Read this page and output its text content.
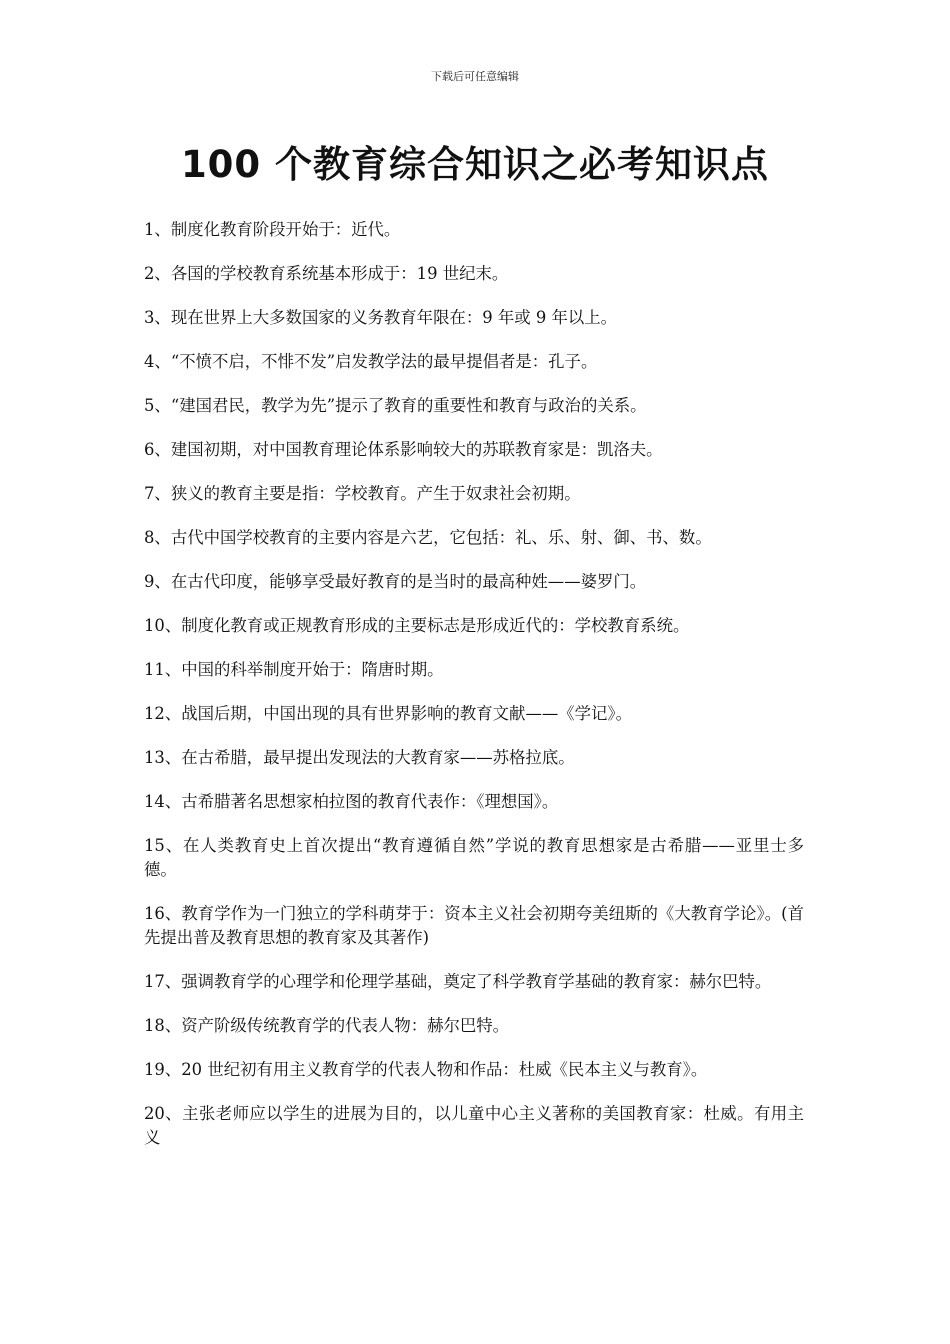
下载后可任意编辑
100 个教育综合知识之必考知识点
1、制度化教育阶段开始于：近代。
2、各国的学校教育系统基本形成于：19 世纪末。
3、现在世界上大多数国家的义务教育年限在：9 年或 9 年以上。
4、“不愤不启，不悱不发”启发教学法的最早提倡者是：孔子。
5、“建国君民，教学为先”提示了教育的重要性和教育与政治的关系。
6、建国初期，对中国教育理论体系影响较大的苏联教育家是：凯洛夫。
7、狭义的教育主要是指：学校教育。产生于奴隶社会初期。
8、古代中国学校教育的主要内容是六艺，它包括：礼、乐、射、御、书、数。
9、在古代印度，能够享受最好教育的是当时的最高种姓——婆罗门。
10、制度化教育或正规教育形成的主要标志是形成近代的：学校教育系统。
11、中国的科举制度开始于：隋唐时期。
12、战国后期，中国出现的具有世界影响的教育文献——《学记》。
13、在古希腊，最早提出发现法的大教育家——苏格拉底。
14、古希腊著名思想家柏拉图的教育代表作：《理想国》。
15、在人类教育史上首次提出“教育遵循自然”学说的教育思想家是古希腊——亚里士多德。
16、教育学作为一门独立的学科萌芽于：资本主义社会初期夸美纽斯的《大教育学论》。(首先提出普及教育思想的教育家及其著作)
17、强调教育学的心理学和伦理学基础，奠定了科学教育学基础的教育家：赫尔巴特。
18、资产阶级传统教育学的代表人物：赫尔巴特。
19、20 世纪初有用主义教育学的代表人物和作品：杜威《民本主义与教育》。
20、主张老师应以学生的进展为目的，以儿童中心主义著称的美国教育家：杜威。有用主义
